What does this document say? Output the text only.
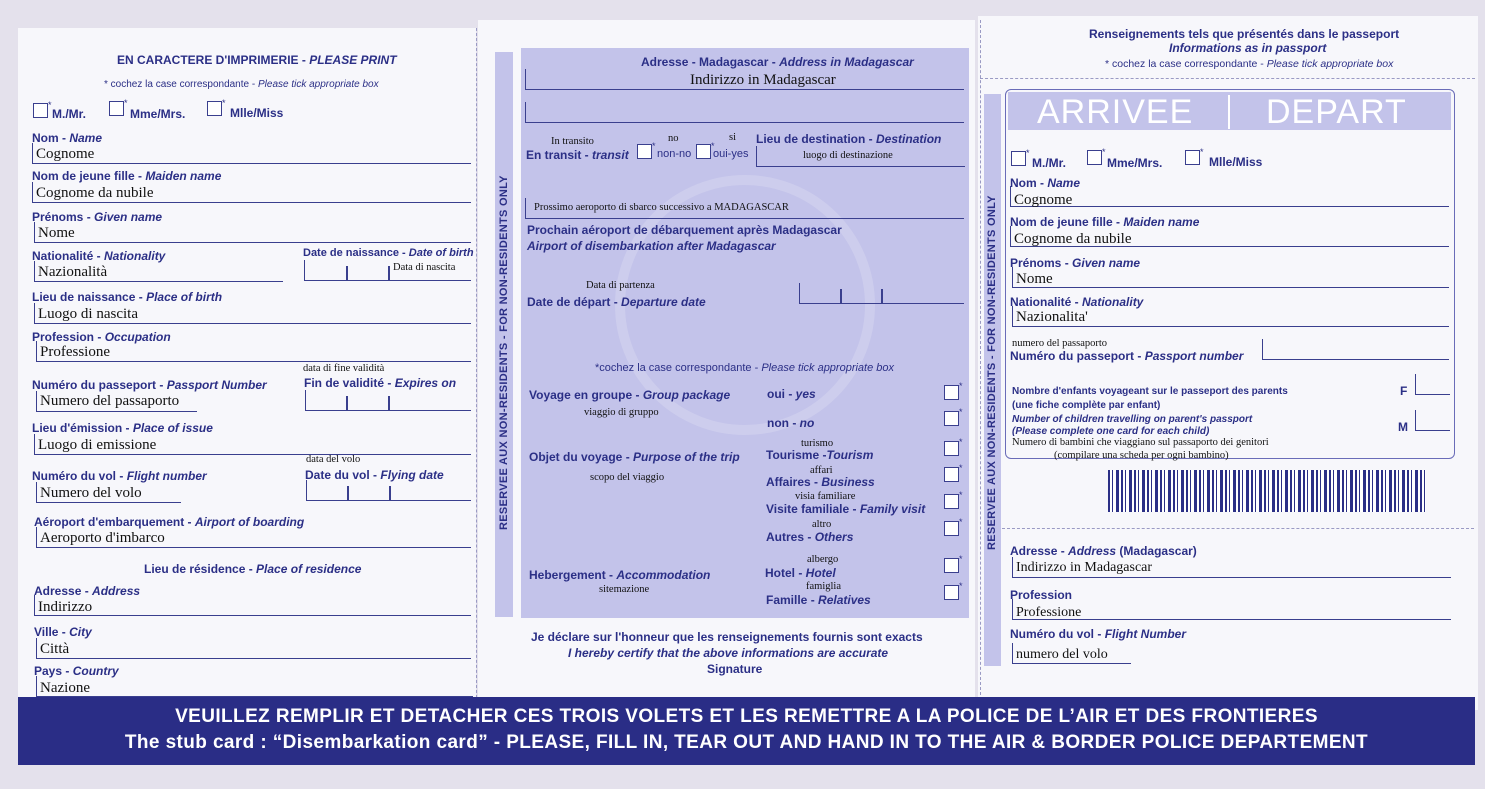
EN CARACTERE D'IMPRIMERIE - PLEASE PRINT
* cochez la case correspondante - Please tick appropriate box
*
M./Mr.
*
Mme/Mrs.
*
Mlle/Miss
Nom - Name
Cognome
Nom de jeune fille - Maiden name
Cognome da nubile
Prénoms - Given name
Nome
Nationalité - Nationality
Nazionalità
Date de naissance - Date of birth
Data di nascita
Lieu de naissance - Place of birth
Luogo di nascita
Profession - Occupation
Professione
data di fine validità
Numéro du passeport - Passport Number
Numero del passaporto
Fin de validité - Expires on
Lieu d'émission - Place of issue
Luogo di emissione
data del volo
Numéro du vol - Flight number
Numero del volo
Date du vol - Flying date
Aéroport d'embarquement - Airport of boarding
Aeroporto d'imbarco
Lieu de résidence - Place of residence
Adresse - Address
Indirizzo
Ville - City
Città
Pays - Country
Nazione
RESERVEE AUX NON-RESIDENTS - FOR NON-RESIDENTS ONLY
Adresse - Madagascar - Address in Madagascar
Indirizzo in Madagascar
In transito
En transit - transit
*
no
non-no
*
si
oui-yes
Lieu de destination - Destination
luogo di destinazione
Prossimo aeroporto di sbarco successivo a MADAGASCAR
Prochain aéroport de débarquement après Madagascar
Airport of disembarkation after Madagascar
Data di partenza
Date de départ - Departure date
*cochez la case correspondante - Please tick appropriate box
Voyage en groupe - Group package
viaggio di gruppo
oui - yes
*
non - no
*
Objet du voyage - Purpose of the trip
scopo del viaggio
turismo
Tourisme -Tourism
*
affari
Affaires - Business
*
visia familiare
Visite familiale - Family visit
*
altro
Autres - Others
*
Hebergement - Accommodation
sitemazione
albergo
Hotel - Hotel
*
famiglia
Famille - Relatives
*
Je déclare sur l'honneur que les renseignements fournis sont exacts
I hereby certify that the above informations are accurate
Signature
Renseignements tels que présentés dans le passeport
Informations as in passport
* cochez la case correspondante - Please tick appropriate box
RESERVEE AUX NON-RESIDENTS - FOR NON-RESIDENTS ONLY
ARRIVEE DEPART
*
M./Mr.
*
Mme/Mrs.
*
Mlle/Miss
Nom - Name
Cognome
Nom de jeune fille - Maiden name
Cognome da nubile
Prénoms - Given name
Nome
Nationalité - Nationality
Nazionalita'
numero del passaporto
Numéro du passeport - Passport number
Nombre d'enfants voyageant sur le passeport des parents
(une fiche complète par enfant)
Number of children travelling on parent's passport
(Please complete one card for each child)
Numero di bambini che viaggiano sul passaporto dei genitori
(compilare una scheda per ogni bambino)
F
M
Adresse - Address (Madagascar)
Indirizzo in Madagascar
Profession
Professione
Numéro du vol - Flight Number
numero del volo
VEUILLEZ REMPLIR ET DETACHER CES TROIS VOLETS ET LES REMETTRE A LA POLICE DE L’AIR ET DES FRONTIERES
The stub card : “Disembarkation card” - PLEASE, FILL IN, TEAR OUT AND HAND IN TO THE AIR & BORDER POLICE DEPARTEMENT
